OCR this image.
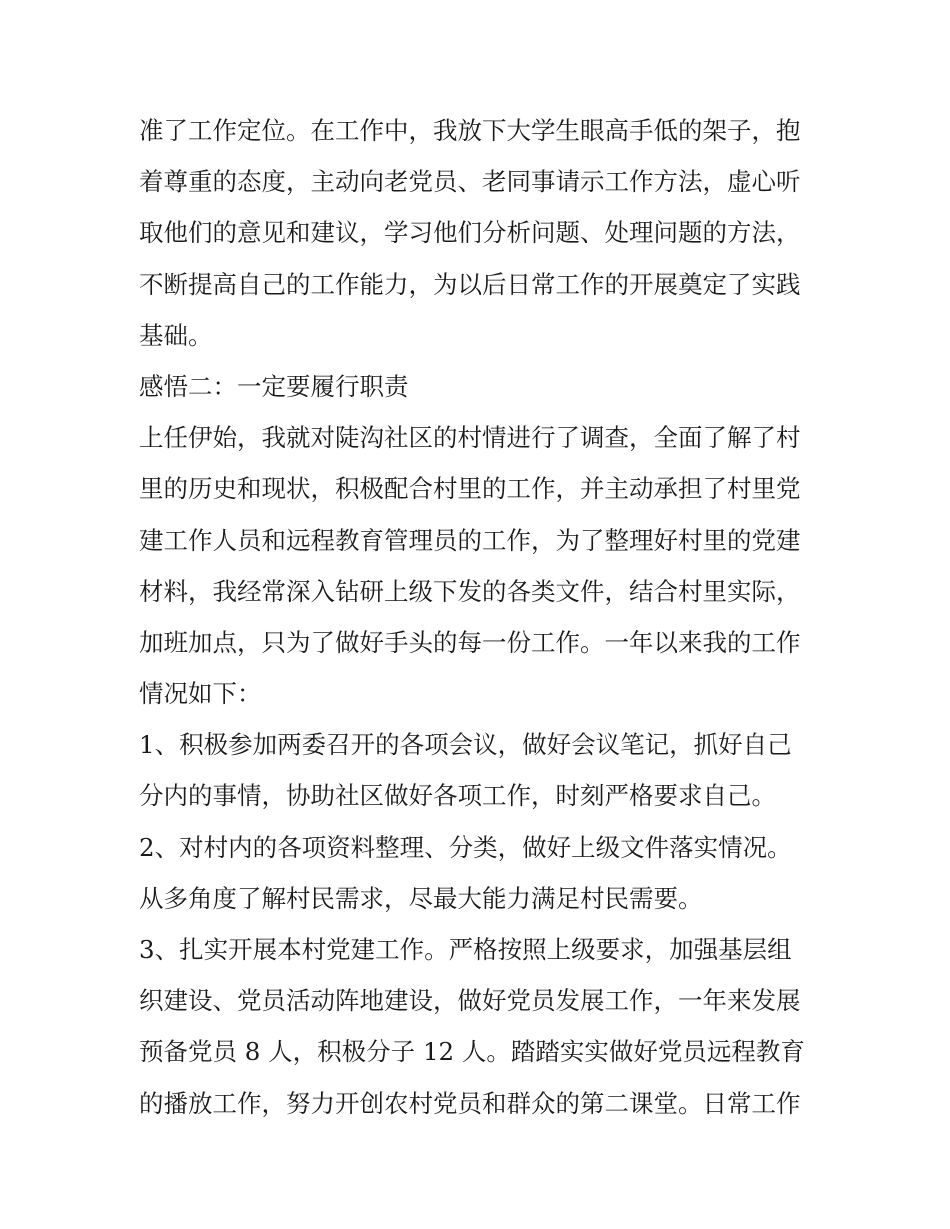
准了工作定位。在工作中，我放下大学生眼高手低的架子，抱
着尊重的态度，主动向老党员、老同事请示工作方法，虚心听
取他们的意见和建议，学习他们分析问题、处理问题的方法，
不断提高自己的工作能力，为以后日常工作的开展奠定了实践
基础。
感悟二：一定要履行职责
上任伊始，我就对陡沟社区的村情进行了调查，全面了解了村
里的历史和现状，积极配合村里的工作，并主动承担了村里党
建工作人员和远程教育管理员的工作，为了整理好村里的党建
材料，我经常深入钻研上级下发的各类文件，结合村里实际，
加班加点，只为了做好手头的每一份工作。一年以来我的工作
情况如下：
1、积极参加两委召开的各项会议，做好会议笔记，抓好自己
分内的事情，协助社区做好各项工作，时刻严格要求自己。
2、对村内的各项资料整理、分类，做好上级文件落实情况。
从多角度了解村民需求，尽最大能力满足村民需要。
3、扎实开展本村党建工作。严格按照上级要求，加强基层组
织建设、党员活动阵地建设，做好党员发展工作，一年来发展
预备党员 8 人，积极分子 12 人。踏踏实实做好党员远程教育
的播放工作，努力开创农村党员和群众的第二课堂。日常工作
